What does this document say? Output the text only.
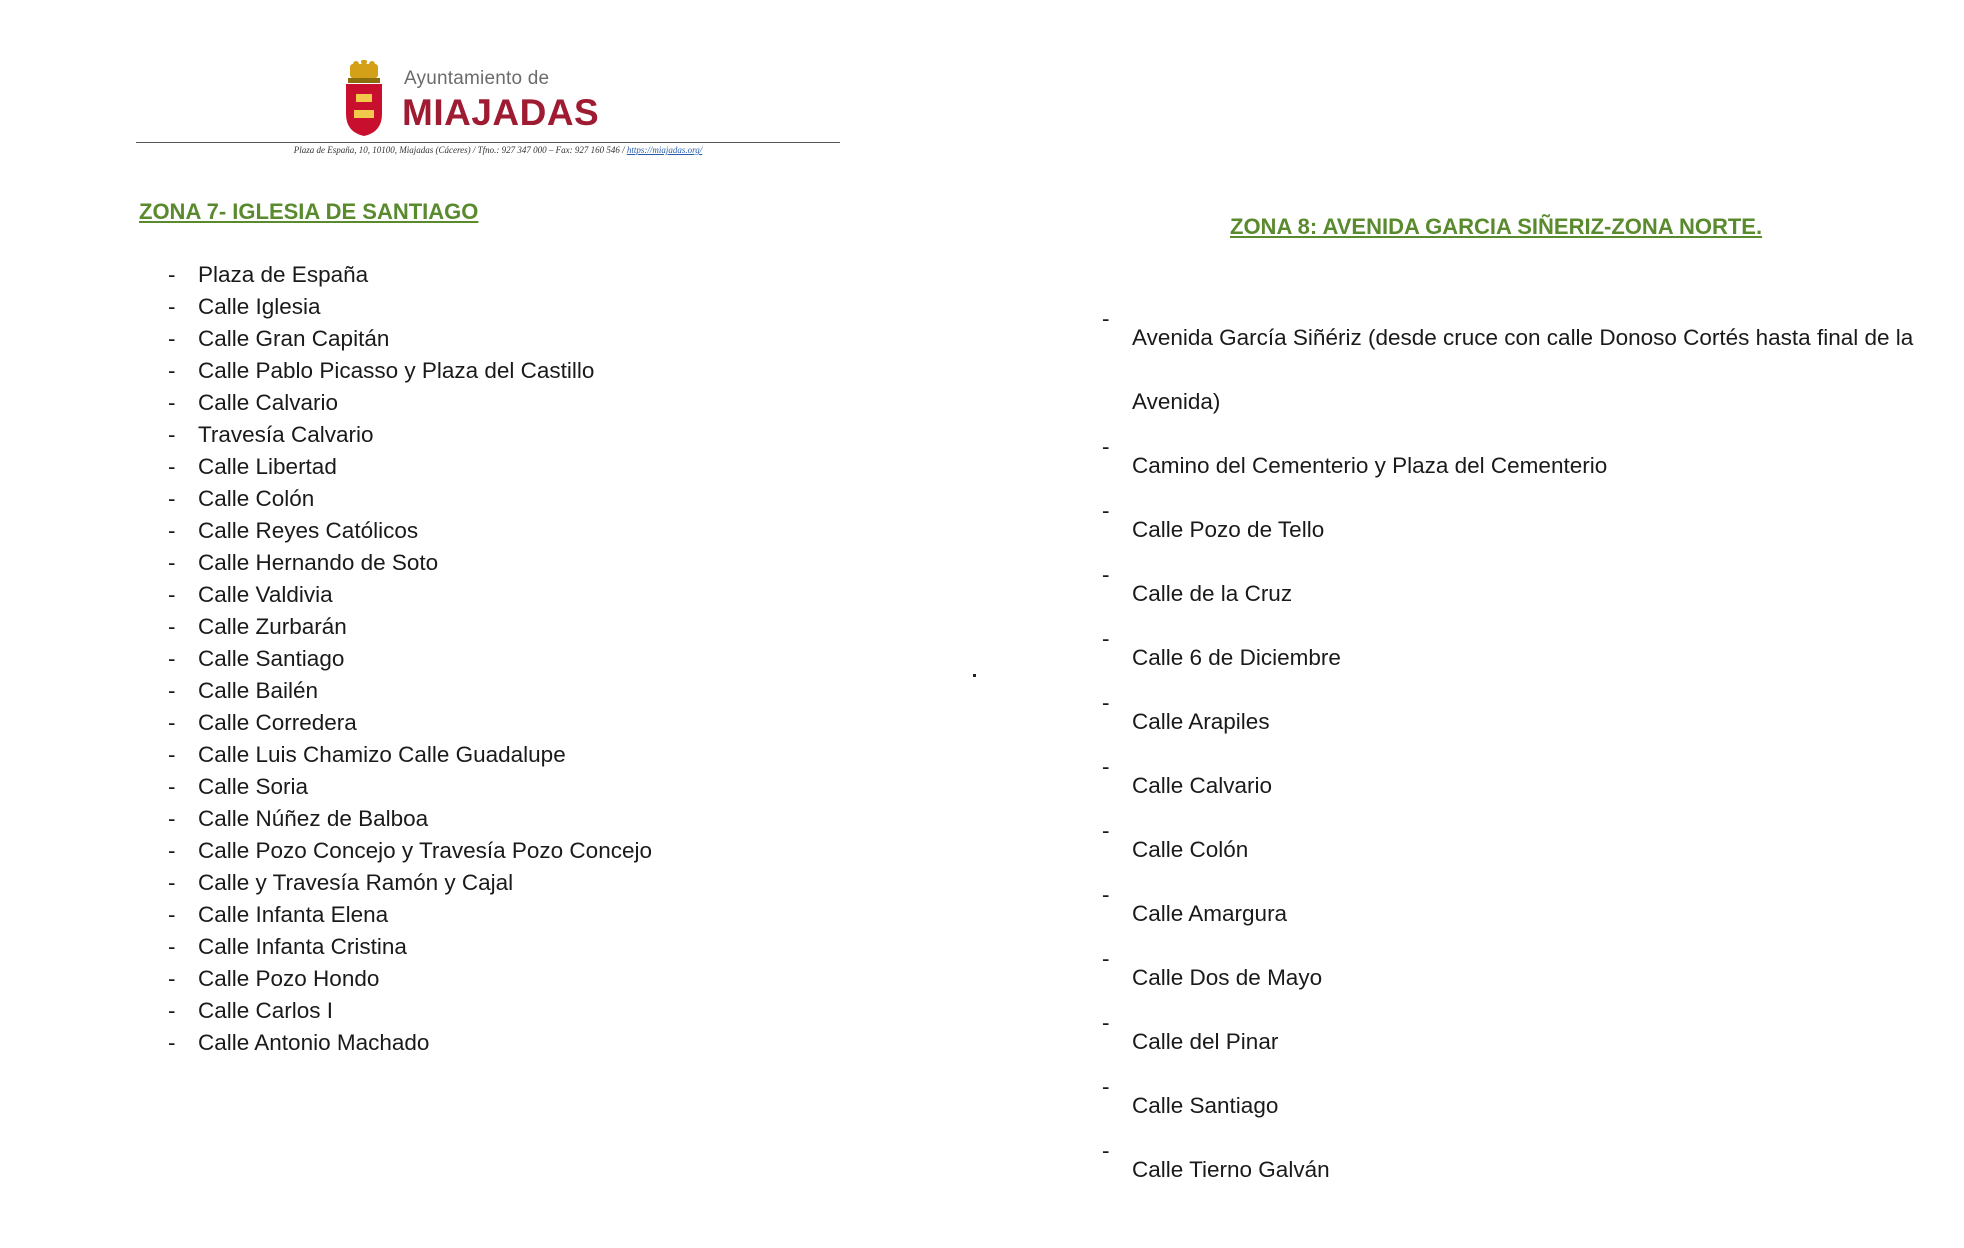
Ayuntamiento de
MIAJADAS
Plaza de España, 10, 10100, Miajadas (Cáceres) / Tfno.: 927 347 000 – Fax: 927 160 546 / https://miajadas.org/
ZONA 7- IGLESIA DE SANTIAGO
- Plaza de España
- Calle Iglesia
- Calle Gran Capitán
- Calle Pablo Picasso y Plaza del Castillo
- Calle Calvario
- Travesía Calvario
- Calle Libertad
- Calle Colón
- Calle Reyes Católicos
- Calle Hernando de Soto
- Calle Valdivia
- Calle Zurbarán
- Calle Santiago
- Calle Bailén
- Calle Corredera
- Calle Luis Chamizo Calle Guadalupe
- Calle Soria
- Calle Núñez de Balboa
- Calle Pozo Concejo y Travesía Pozo Concejo
- Calle y Travesía Ramón y Cajal
- Calle Infanta Elena
- Calle Infanta Cristina
- Calle Pozo Hondo
- Calle Carlos I
- Calle Antonio Machado
ZONA 8: AVENIDA GARCIA SIÑERIZ-ZONA NORTE.
-
Avenida García Siñériz (desde cruce con calle Donoso Cortés hasta final de la Avenida)
-
Camino del Cementerio y Plaza del Cementerio
-
Calle Pozo de Tello
-
Calle de la Cruz
-
Calle 6 de Diciembre
-
Calle Arapiles
-
Calle Calvario
-
Calle Colón
-
Calle Amargura
-
Calle Dos de Mayo
-
Calle del Pinar
-
Calle Santiago
-
Calle Tierno Galván
